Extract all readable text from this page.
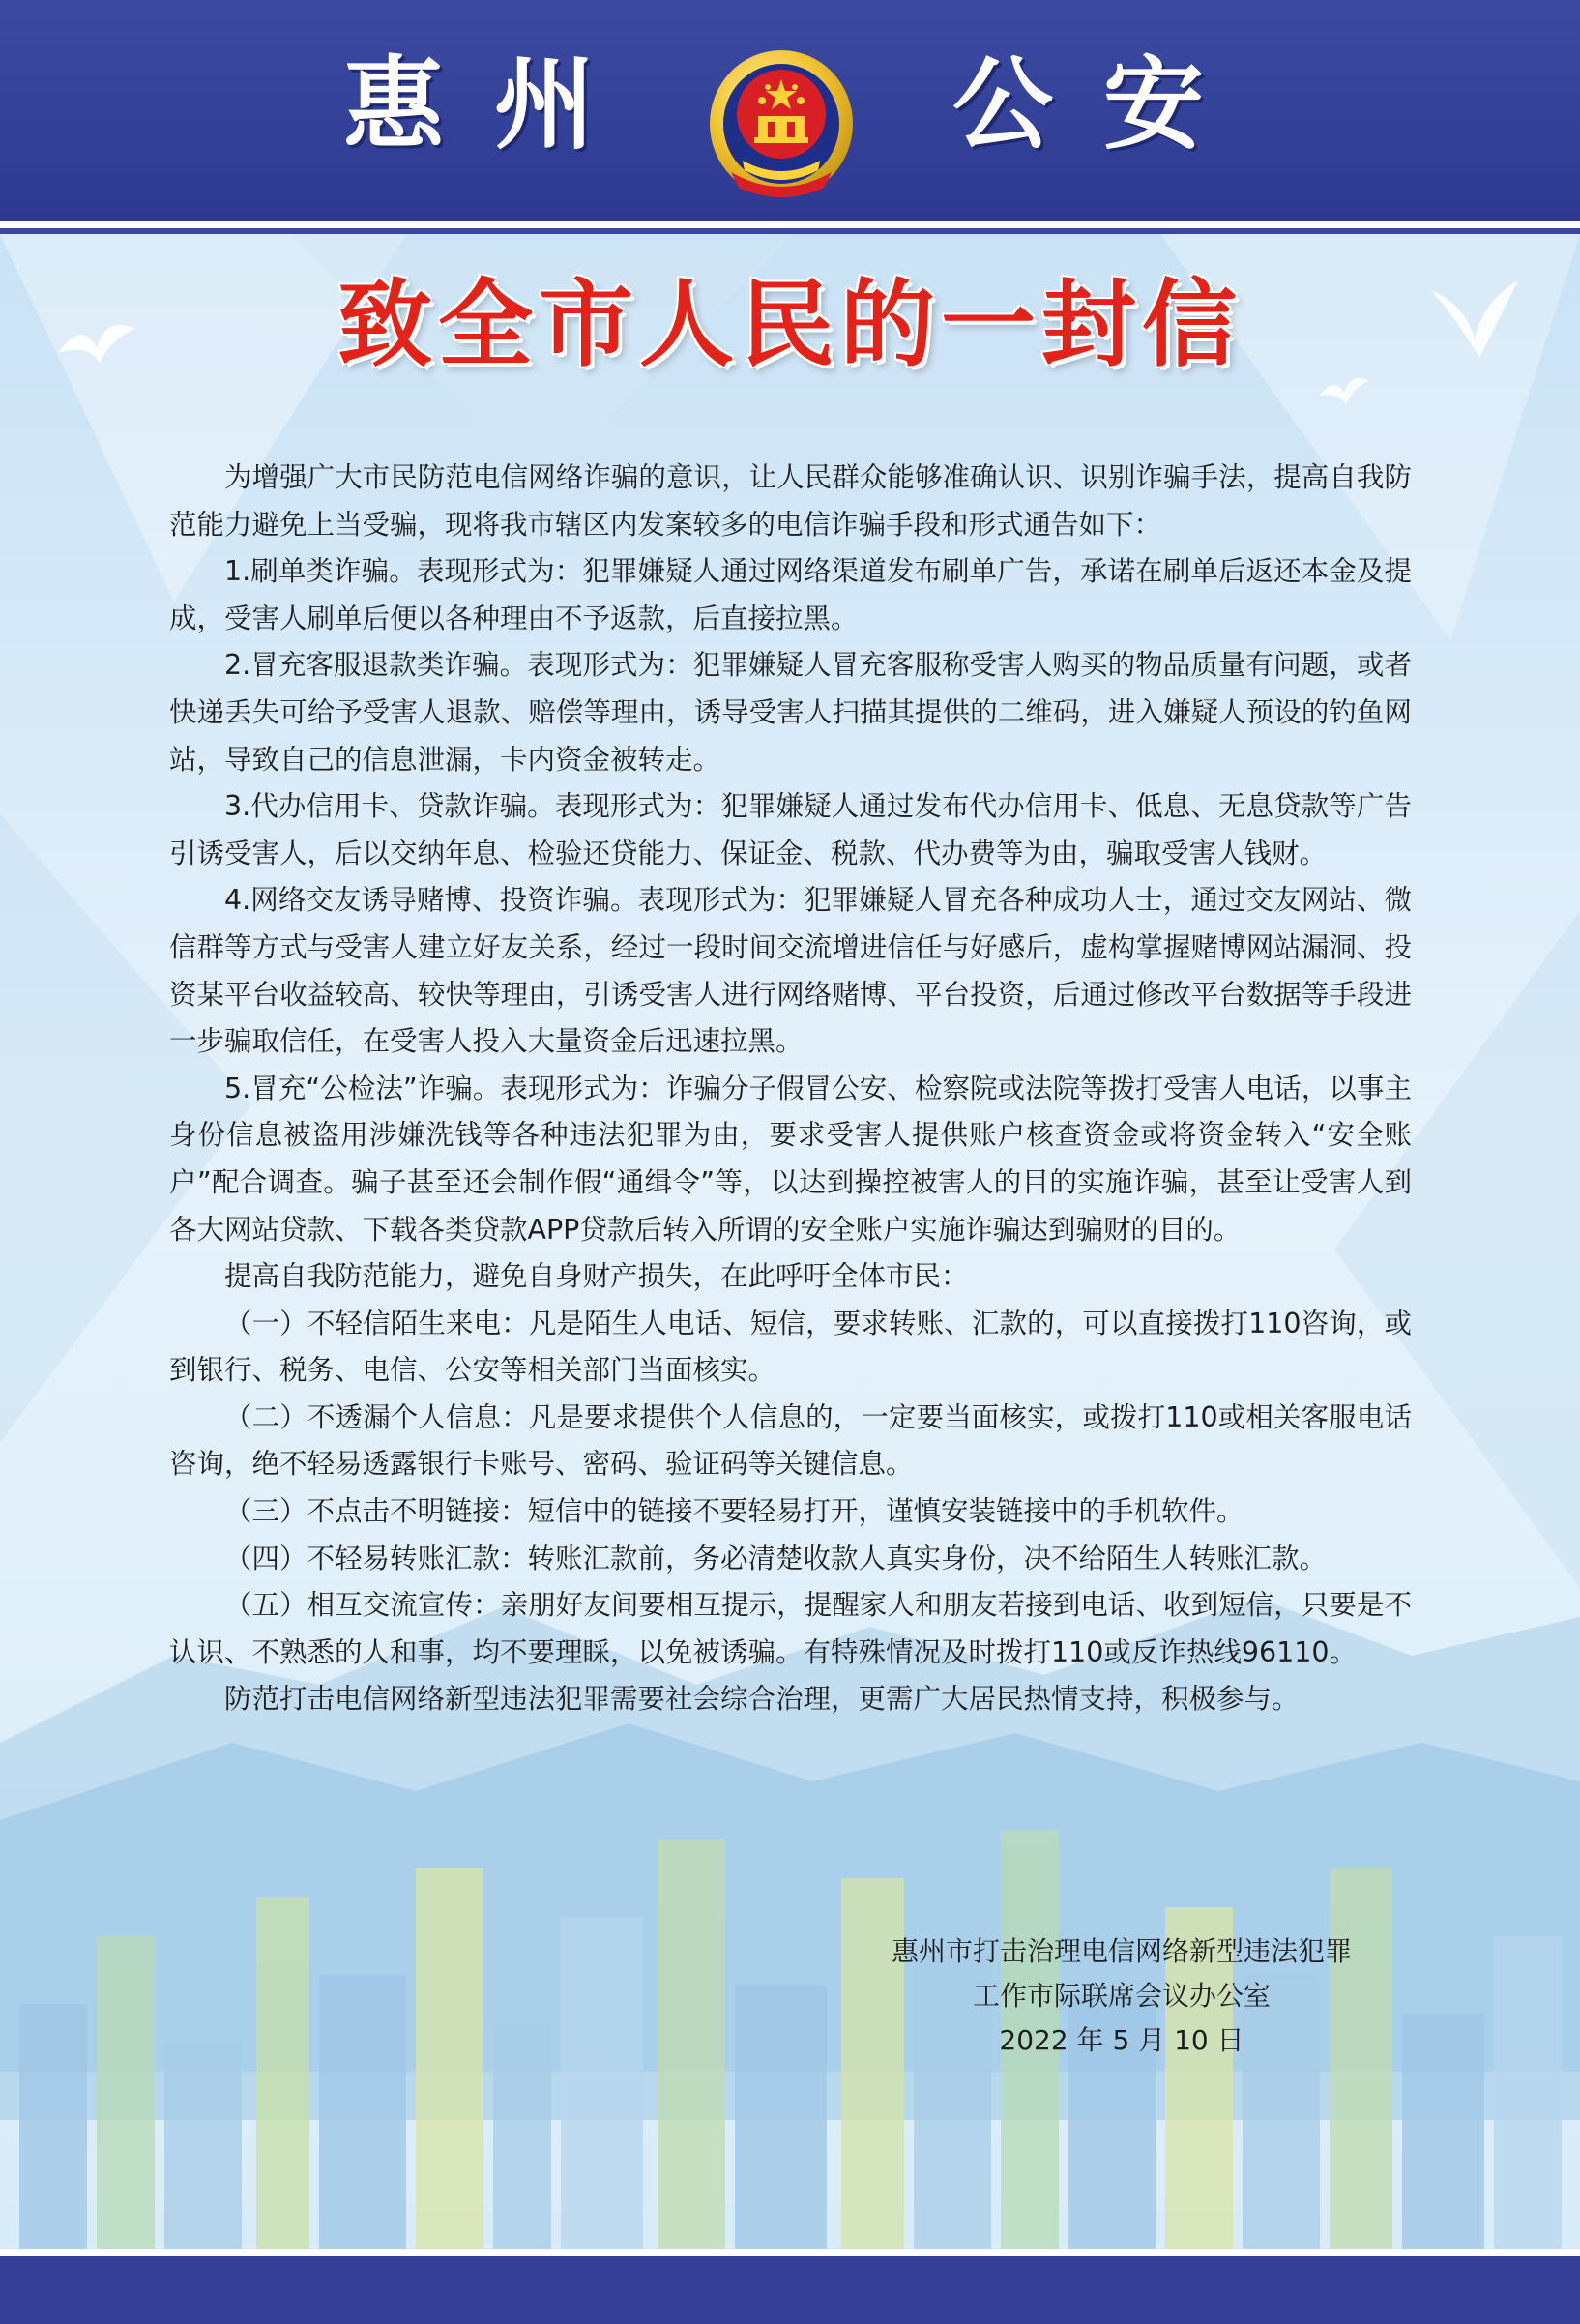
惠州	公安
致全市人民的一封信

为增强广大市民防范电信网络诈骗的意识，让人民群众能够准确认识、识别诈骗手法，提高自我防范能力避免上当受骗，现将我市辖区内发案较多的电信诈骗手段和形式通告如下：

1.刷单类诈骗。表现形式为：犯罪嫌疑人通过网络渠道发布刷单广告，承诺在刷单后返还本金及提成，受害人刷单后便以各种理由不予返款，后直接拉黑。

2.冒充客服退款类诈骗。表现形式为：犯罪嫌疑人冒充客服称受害人购买的物品质量有问题，或者快递丢失可给予受害人退款、赔偿等理由，诱导受害人扫描其提供的二维码，进入嫌疑人预设的钓鱼网站，导致自己的信息泄漏，卡内资金被转走。

3.代办信用卡、贷款诈骗。表现形式为：犯罪嫌疑人通过发布代办信用卡、低息、无息贷款等广告引诱受害人，后以交纳年息、检验还贷能力、保证金、税款、代办费等为由，骗取受害人钱财。

4.网络交友诱导赌博、投资诈骗。表现形式为：犯罪嫌疑人冒充各种成功人士，通过交友网站、微信群等方式与受害人建立好友关系，经过一段时间交流增进信任与好感后，虚构掌握赌博网站漏洞、投资某平台收益较高、较快等理由，引诱受害人进行网络赌博、平台投资，后通过修改平台数据等手段进一步骗取信任，在受害人投入大量资金后迅速拉黑。

5.冒充“公检法”诈骗。表现形式为：诈骗分子假冒公安、检察院或法院等拨打受害人电话，以事主身份信息被盗用涉嫌洗钱等各种违法犯罪为由，要求受害人提供账户核查资金或将资金转入“安全账户”配合调查。骗子甚至还会制作假“通缉令”等，以达到操控被害人的目的实施诈骗，甚至让受害人到各大网站贷款、下载各类贷款APP贷款后转入所谓的安全账户实施诈骗达到骗财的目的。

提高自我防范能力，避免自身财产损失，在此呼吁全体市民：

（一）不轻信陌生来电：凡是陌生人电话、短信，要求转账、汇款的，可以直接拨打110咨询，或到银行、税务、电信、公安等相关部门当面核实。

（二）不透漏个人信息：凡是要求提供个人信息的，一定要当面核实，或拨打110或相关客服电话咨询，绝不轻易透露银行卡账号、密码、验证码等关键信息。

（三）不点击不明链接：短信中的链接不要轻易打开，谨慎安装链接中的手机软件。

（四）不轻易转账汇款：转账汇款前，务必清楚收款人真实身份，决不给陌生人转账汇款。

（五）相互交流宣传：亲朋好友间要相互提示，提醒家人和朋友若接到电话、收到短信，只要是不认识、不熟悉的人和事，均不要理睬，以免被诱骗。有特殊情况及时拨打110或反诈热线96110。

防范打击电信网络新型违法犯罪需要社会综合治理，更需广大居民热情支持，积极参与。

惠州市打击治理电信网络新型违法犯罪
工作市际联席会议办公室
2022 年 5 月 10 日
